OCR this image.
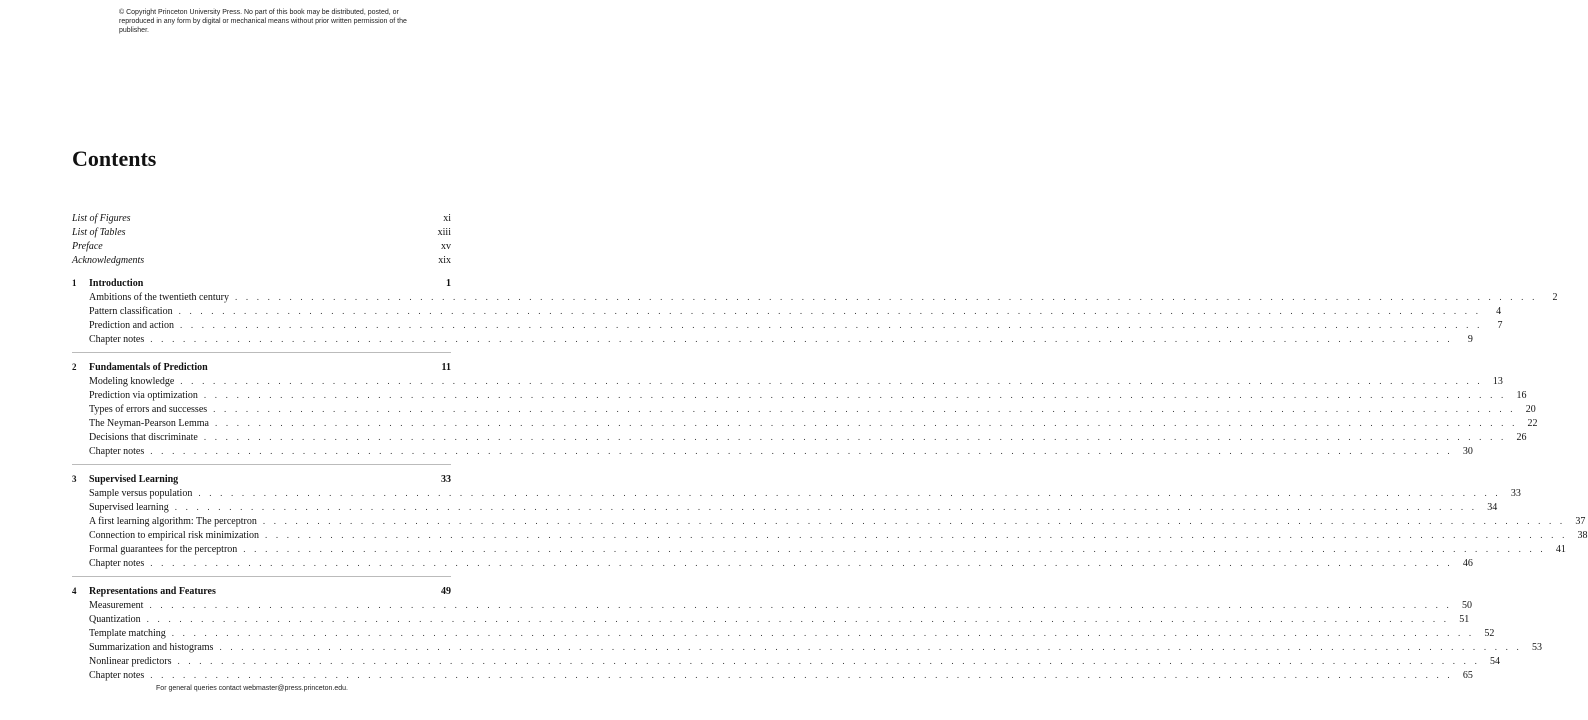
© Copyright Princeton University Press. No part of this book may be distributed, posted, or reproduced in any form by digital or mechanical means without prior written permission of the publisher.
Contents
List of Figures	xi
List of Tables	xiii
Preface	xv
Acknowledgments	xix
1	Introduction	1
Ambitions of the twentieth century . . . . . . . . . . . . . . . . . . . . . . . . . . . . . . . . . . . . . . . . . . . . . . . . . . . . . . . . . . . . . . . . . . . . . . . . . . . . . . . . . . . . . . . . . . . . . . . . . . . . . . . . . . . . . . . . . . . . . . . .	2
Pattern classification . . . . . . . . . . . . . . . . . . . . . . . . . . . . . . . . . . . . . . . . . . . . . . . . . . . . . . . . . . . . . . . . . . . . . . . . . . . . . . . . . . . . . . . . . . . . . . . . . . . . . . . . . . . . . . . . . . . . . . . .	4
Prediction and action . . . . . . . . . . . . . . . . . . . . . . . . . . . . . . . . . . . . . . . . . . . . . . . . . . . . . . . . . . . . . . . . . . . . . . . . . . . . . . . . . . . . . . . . . . . . . . . . . . . . . . . . . . . . . . . . . . . . . . . .	7
Chapter notes . . . . . . . . . . . . . . . . . . . . . . . . . . . . . . . . . . . . . . . . . . . . . . . . . . . . . . . . . . . . . . . . . . . . . . . . . . . . . . . . . . . . . . . . . . . . . . . . . . . . . . . . . . . . . . . . . . . . . . . .	9
2	Fundamentals of Prediction	11
Modeling knowledge . . . . . . . . . . . . . . . . . . . . . . . . . . . . . . . . . . . . . . . . . . . . . . . . . . . . . . . . . . . . . . . . . . . . . . . . . . . . . . . . . . . . . . . . . . . . . . . . . . . . . . . . . . . . . . . . . . . . . . . .	13
Prediction via optimization . . . . . . . . . . . . . . . . . . . . . . . . . . . . . . . . . . . . . . . . . . . . . . . . . . . . . . . . . . . . . . . . . . . . . . . . . . . . . . . . . . . . . . . . . . . . . . . . . . . . . . . . . . . . . . . . . . . . . . . .	16
Types of errors and successes . . . . . . . . . . . . . . . . . . . . . . . . . . . . . . . . . . . . . . . . . . . . . . . . . . . . . . . . . . . . . . . . . . . . . . . . . . . . . . . . . . . . . . . . . . . . . . . . . . . . . . . . . . . . . . . . . . . . . . . .	20
The Neyman-Pearson Lemma . . . . . . . . . . . . . . . . . . . . . . . . . . . . . . . . . . . . . . . . . . . . . . . . . . . . . . . . . . . . . . . . . . . . . . . . . . . . . . . . . . . . . . . . . . . . . . . . . . . . . . . . . . . . . . . . . . . . . . . .	22
Decisions that discriminate . . . . . . . . . . . . . . . . . . . . . . . . . . . . . . . . . . . . . . . . . . . . . . . . . . . . . . . . . . . . . . . . . . . . . . . . . . . . . . . . . . . . . . . . . . . . . . . . . . . . . . . . . . . . . . . . . . . . . . . .	26
Chapter notes . . . . . . . . . . . . . . . . . . . . . . . . . . . . . . . . . . . . . . . . . . . . . . . . . . . . . . . . . . . . . . . . . . . . . . . . . . . . . . . . . . . . . . . . . . . . . . . . . . . . . . . . . . . . . . . . . . . . . . . .	30
3	Supervised Learning	33
Sample versus population . . . . . . . . . . . . . . . . . . . . . . . . . . . . . . . . . . . . . . . . . . . . . . . . . . . . . . . . . . . . . . . . . . . . . . . . . . . . . . . . . . . . . . . . . . . . . . . . . . . . . . . . . . . . . . . . . . . . . . . .	33
Supervised learning . . . . . . . . . . . . . . . . . . . . . . . . . . . . . . . . . . . . . . . . . . . . . . . . . . . . . . . . . . . . . . . . . . . . . . . . . . . . . . . . . . . . . . . . . . . . . . . . . . . . . . . . . . . . . . . . . . . . . . . .	34
A first learning algorithm: The perceptron . . . . . . . . . . . . . . . . . . . . . . . . . . . . . . . . . . . . . . . . . . . . . . . . . . . . . . . . . . . . . . . . . . . . . . . . . . . . . . . . . . . . . . . . . . . . . . . . . . . . . . . . . . . . . . . . . . . . . . . .	37
Connection to empirical risk minimization . . . . . . . . . . . . . . . . . . . . . . . . . . . . . . . . . . . . . . . . . . . . . . . . . . . . . . . . . . . . . . . . . . . . . . . . . . . . . . . . . . . . . . . . . . . . . . . . . . . . . . . . . . . . . . . . . . . . . . . .	38
Formal guarantees for the perceptron . . . . . . . . . . . . . . . . . . . . . . . . . . . . . . . . . . . . . . . . . . . . . . . . . . . . . . . . . . . . . . . . . . . . . . . . . . . . . . . . . . . . . . . . . . . . . . . . . . . . . . . . . . . . . . . . . . . . . . . .	41
Chapter notes . . . . . . . . . . . . . . . . . . . . . . . . . . . . . . . . . . . . . . . . . . . . . . . . . . . . . . . . . . . . . . . . . . . . . . . . . . . . . . . . . . . . . . . . . . . . . . . . . . . . . . . . . . . . . . . . . . . . . . . .	46
4	Representations and Features	49
Measurement . . . . . . . . . . . . . . . . . . . . . . . . . . . . . . . . . . . . . . . . . . . . . . . . . . . . . . . . . . . . . . . . . . . . . . . . . . . . . . . . . . . . . . . . . . . . . . . . . . . . . . . . . . . . . . . . . . . . . . . .	50
Quantization . . . . . . . . . . . . . . . . . . . . . . . . . . . . . . . . . . . . . . . . . . . . . . . . . . . . . . . . . . . . . . . . . . . . . . . . . . . . . . . . . . . . . . . . . . . . . . . . . . . . . . . . . . . . . . . . . . . . . . . .	51
Template matching . . . . . . . . . . . . . . . . . . . . . . . . . . . . . . . . . . . . . . . . . . . . . . . . . . . . . . . . . . . . . . . . . . . . . . . . . . . . . . . . . . . . . . . . . . . . . . . . . . . . . . . . . . . . . . . . . . . . . . . .	52
Summarization and histograms . . . . . . . . . . . . . . . . . . . . . . . . . . . . . . . . . . . . . . . . . . . . . . . . . . . . . . . . . . . . . . . . . . . . . . . . . . . . . . . . . . . . . . . . . . . . . . . . . . . . . . . . . . . . . . . . . . . . . . . .	53
Nonlinear predictors . . . . . . . . . . . . . . . . . . . . . . . . . . . . . . . . . . . . . . . . . . . . . . . . . . . . . . . . . . . . . . . . . . . . . . . . . . . . . . . . . . . . . . . . . . . . . . . . . . . . . . . . . . . . . . . . . . . . . . . .	54
Chapter notes . . . . . . . . . . . . . . . . . . . . . . . . . . . . . . . . . . . . . . . . . . . . . . . . . . . . . . . . . . . . . . . . . . . . . . . . . . . . . . . . . . . . . . . . . . . . . . . . . . . . . . . . . . . . . . . . . . . . . . . .	65
For general queries contact webmaster@press.princeton.edu.
